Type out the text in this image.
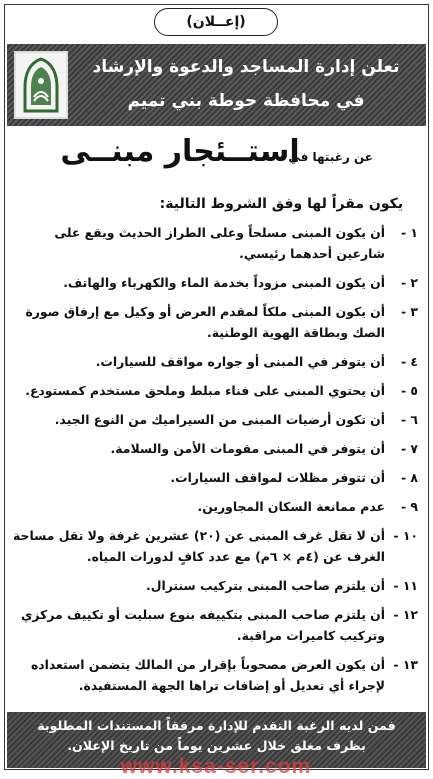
(إعــلان)
تعلن إدارة المساجد والدعوة والإرشاد
في محافظة حوطة بني تميم
عن رغبتها في
استــئجار مبنــى
يكون مقراً لها وفق الشروط التالية:
١ -
أن يكون المبنى مسلحاً وعلى الطراز الحديث ويقع على شارعين أحدهما رئيسي.
٢ -
أن يكون المبنى مزوداً بخدمة الماء والكهرباء والهاتف.
٣ -
أن يكون المبنى ملكاً لمقدم العرض أو وكيل مع إرفاق صورة الصك وبطاقة الهوية الوطنية.
٤ -
أن يتوفر في المبنى أو جواره مواقف للسيارات.
٥ -
أن يحتوي المبنى على فناء مبلط وملحق مستخدم كمستودع.
٦ -
أن تكون أرضيات المبنى من السيراميك من النوع الجيد.
٧ -
أن يتوفر في المبنى مقومات الأمن والسلامة.
٨ -
أن تتوفر مظلات لمواقف السيارات.
٩ -
عدم ممانعة السكان المجاورين.
١٠ -
أن لا تقل غرف المبنى عن (٢٠) عشرين غرفة ولا تقل مساحة الغرف عن (٤م × ٦م) مع عدد كافٍ لدورات المياه.
١١ -
أن يلتزم صاحب المبنى بتركيب سنترال.
١٢ -
أن يلتزم صاحب المبنى بتكييفه بنوع سبليت أو تكييف مركزي وتركيب كاميرات مراقبة.
١٣ -
أن يكون العرض مصحوباً بإقرار من المالك يتضمن استعداده لإجراء أي تعديل أو إضافات تراها الجهة المستفيدة.
فمن لديه الرغبة التقدم للإدارة مرفقاً المستندات المطلوبة
بظرف مغلق خلال عشرين يوماً من تاريخ الإعلان.
www.ksa-ser.com
